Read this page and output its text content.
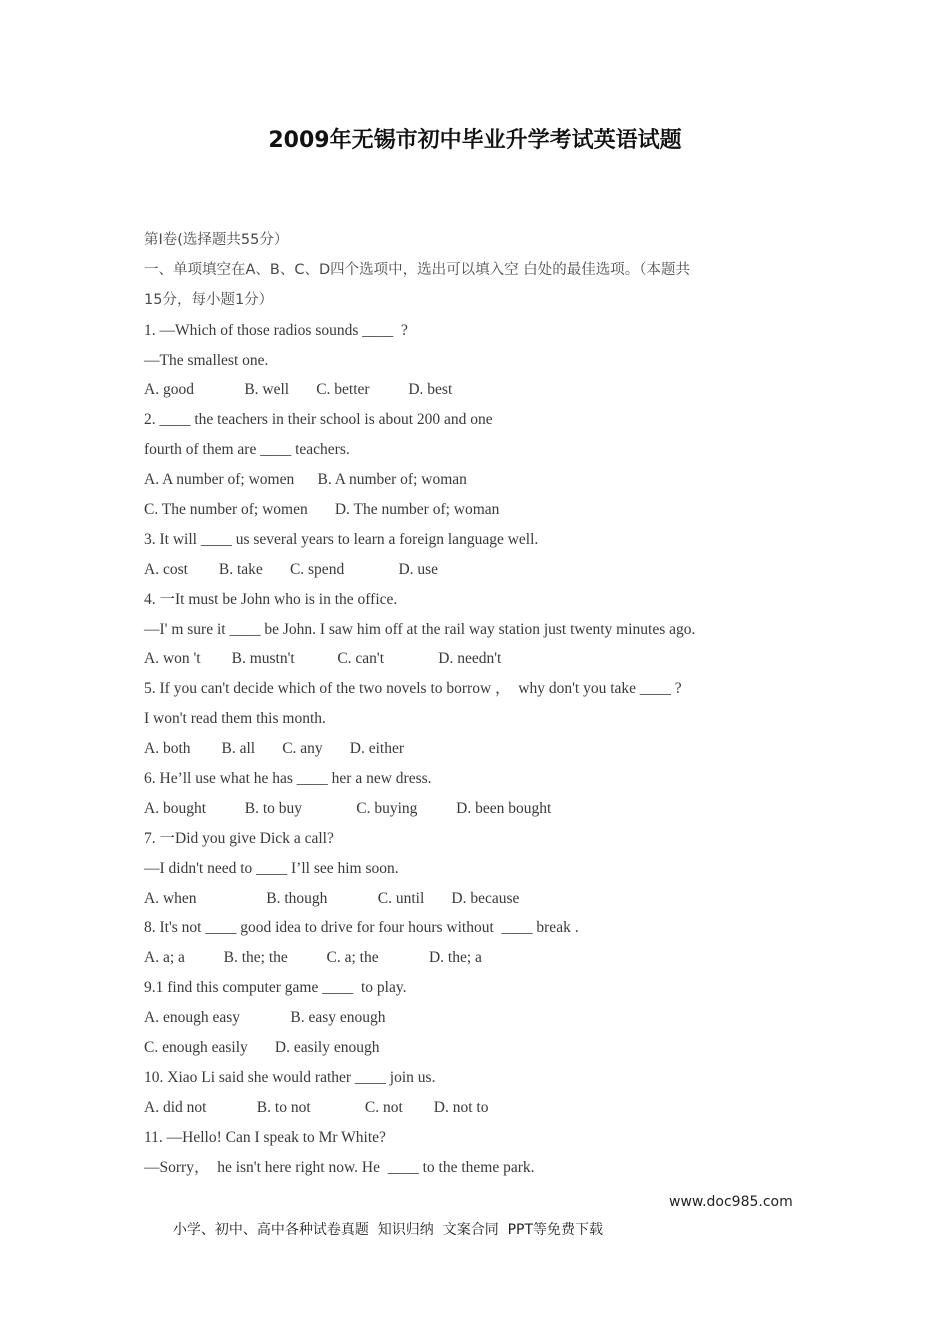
2009年无锡市初中毕业升学考试英语试题
第I卷(选择题共55分）
一、单项填空在A、B、C、D四个选项中，选出可以填入空 白处的最佳选项。（本题共
15分，每小题1分）
1. —Which of those radios sounds ____  ?
—The smallest one.
A. good             B. well       C. better          D. best
2. ____ the teachers in their school is about 200 and one
fourth of them are ____ teachers.
A. A number of; women      B. A number of; woman
C. The number of; women       D. The number of; woman
3. It will ____ us several years to learn a foreign language well.
A. cost        B. take       C. spend              D. use
4. 一It must be John who is in the office.
—I' m sure it ____ be John. I saw him off at the rail way station just twenty minutes ago.
A. won 't        B. mustn't           C. can't              D. needn't
5. If you can't decide which of the two novels to borrow ，  why don't you take ____ ?
I won't read them this month.
A. both        B. all       C. any       D. either
6. He’ll use what he has ____ her a new dress.
A. bought          B. to buy              C. buying          D. been bought
7. 一Did you give Dick a call?
—I didn't need to ____ I’ll see him soon.
A. when                  B. though             C. until       D. because
8. It's not ____ good idea to drive for four hours without  ____ break .
A. a; a          B. the; the          C. a; the             D. the; a
9.1 find this computer game ____  to play.
A. enough easy             B. easy enough
C. enough easily       D. easily enough
10. Xiao Li said she would rather ____ join us.
A. did not             B. to not              C. not        D. not to
11. —Hello! Can I speak to Mr White?
—Sorry，  he isn't here right now. He  ____ to the theme park.

小学、初中、高中各种试卷真题  知识归纳  文案合同  PPT等免费下载

www.doc985.com
